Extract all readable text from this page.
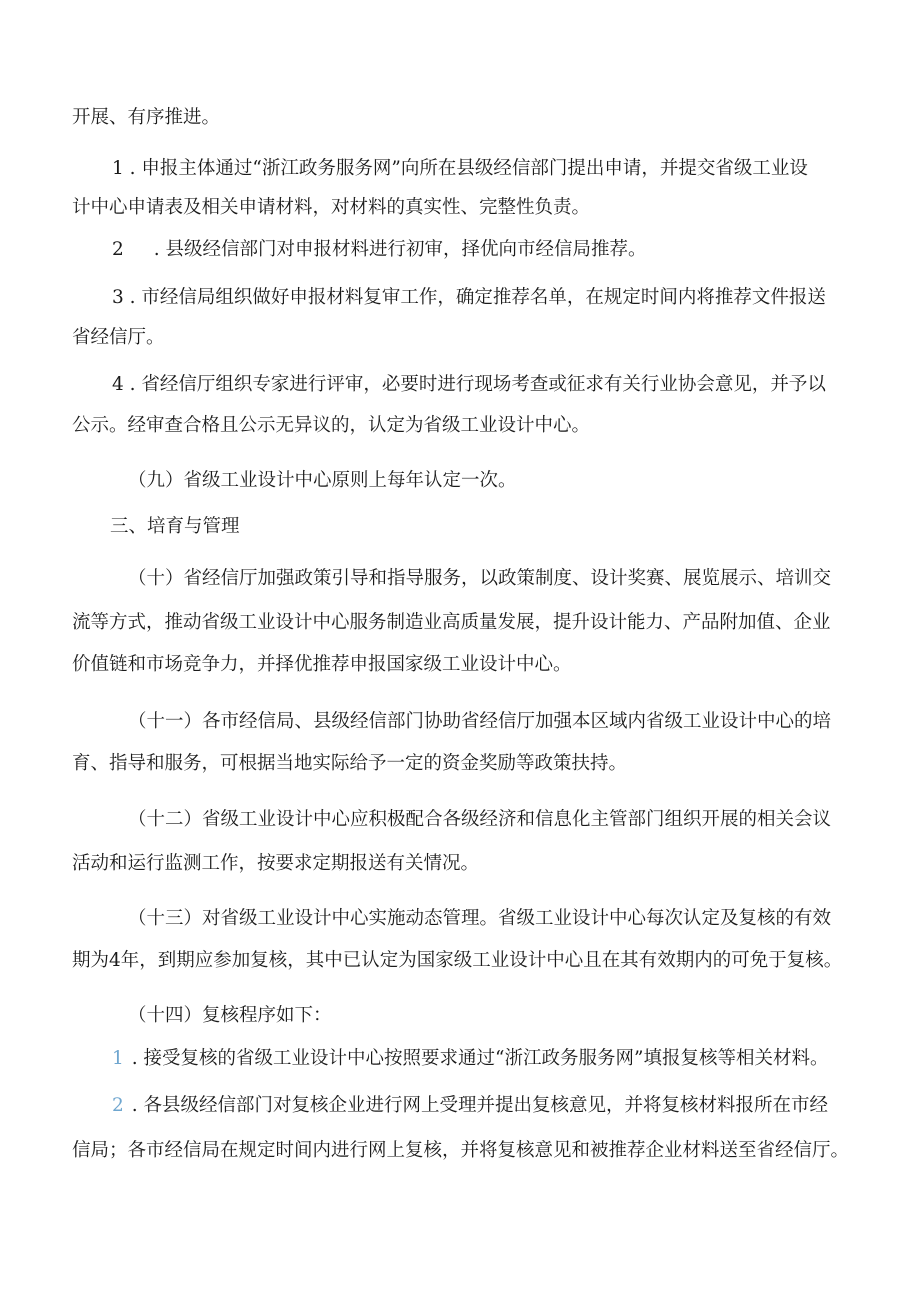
开展、有序推进。
1 . 申报主体通过“浙江政务服务网”向所在县级经信部门提出申请，并提交省级工业设
计中心申请表及相关申请材料，对材料的真实性、完整性负责。
2 . 县级经信部门对申报材料进行初审，择优向市经信局推荐。
3 . 市经信局组织做好申报材料复审工作，确定推荐名单，在规定时间内将推荐文件报送
省经信厅。
4 . 省经信厅组织专家进行评审，必要时进行现场考查或征求有关行业协会意见，并予以
公示。经审查合格且公示无异议的，认定为省级工业设计中心。
（九）省级工业设计中心原则上每年认定一次。
三、培育与管理
（十）省经信厅加强政策引导和指导服务，以政策制度、设计奖赛、展览展示、培训交
流等方式，推动省级工业设计中心服务制造业高质量发展，提升设计能力、产品附加值、企业
价值链和市场竞争力，并择优推荐申报国家级工业设计中心。
（十一）各市经信局、县级经信部门协助省经信厅加强本区域内省级工业设计中心的培
育、指导和服务，可根据当地实际给予一定的资金奖励等政策扶持。
（十二）省级工业设计中心应积极配合各级经济和信息化主管部门组织开展的相关会议
活动和运行监测工作，按要求定期报送有关情况。
（十三）对省级工业设计中心实施动态管理。省级工业设计中心每次认定及复核的有效
期为4年，到期应参加复核，其中已认定为国家级工业设计中心且在其有效期内的可免于复核。
（十四）复核程序如下：
1 . 接受复核的省级工业设计中心按照要求通过“浙江政务服务网”填报复核等相关材料。
2 . 各县级经信部门对复核企业进行网上受理并提出复核意见，并将复核材料报所在市经
信局；各市经信局在规定时间内进行网上复核，并将复核意见和被推荐企业材料送至省经信厅。
